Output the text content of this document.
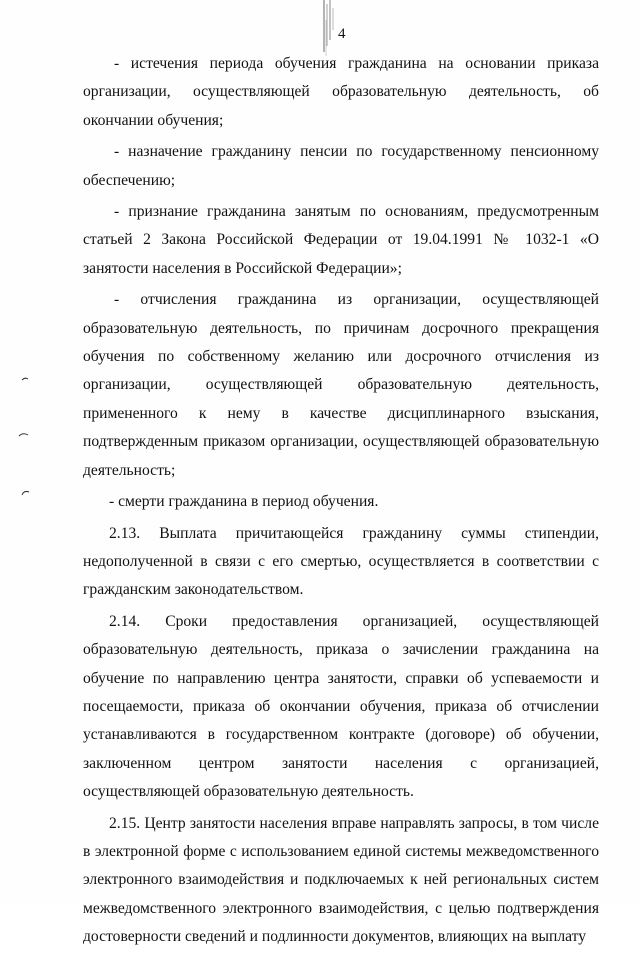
4

- истечения периода обучения гражданина на основании приказа организации, осуществляющей образовательную деятельность, об окончании обучения;

- назначение гражданину пенсии по государственному пенсионному обеспечению;

- признание гражданина занятым по основаниям, предусмотренным статьей 2 Закона Российской Федерации от 19.04.1991 № 1032-1 «О занятости населения в Российской Федерации»;

- отчисления гражданина из организации, осуществляющей образовательную деятельность, по причинам досрочного прекращения обучения по собственному желанию или досрочного отчисления из организации, осуществляющей образовательную деятельность, примененного к нему в качестве дисциплинарного взыскания, подтвержденным приказом организации, осуществляющей образовательную деятельность;

- смерти гражданина в период обучения.

2.13. Выплата причитающейся гражданину суммы стипендии, недополученной в связи с его смертью, осуществляется в соответствии с гражданским законодательством.

2.14. Сроки предоставления организацией, осуществляющей образовательную деятельность, приказа о зачислении гражданина на обучение по направлению центра занятости, справки об успеваемости и посещаемости, приказа об окончании обучения, приказа об отчислении устанавливаются в государственном контракте (договоре) об обучении, заключенном центром занятости населения с организацией, осуществляющей образовательную деятельность.

2.15. Центр занятости населения вправе направлять запросы, в том числе в электронной форме с использованием единой системы межведомственного электронного взаимодействия и подключаемых к ней региональных систем межведомственного электронного взаимодействия, с целью подтверждения достоверности сведений и подлинности документов, влияющих на выплату
